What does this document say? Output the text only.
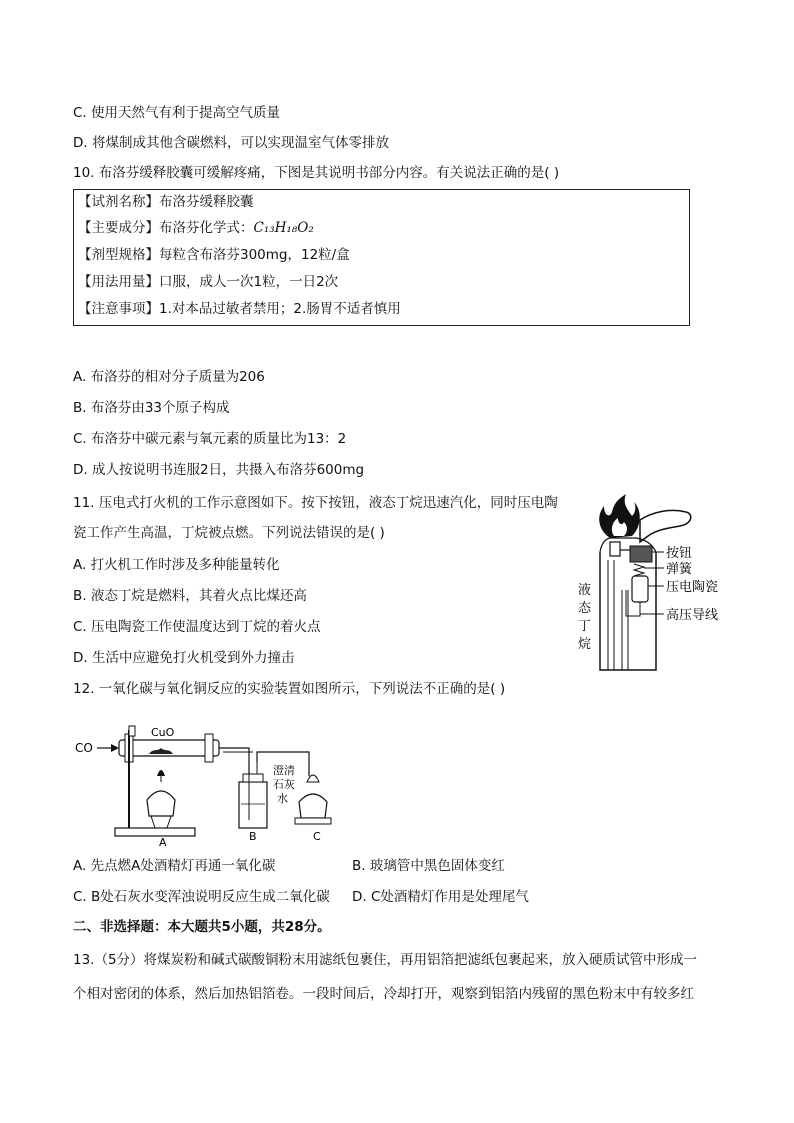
C. 使用天然气有利于提高空气质量
D. 将煤制成其他含碳燃料，可以实现温室气体零排放
10. 布洛芬缓释胶囊可缓解疼痛，下图是其说明书部分内容。有关说法正确的是( )
【试剂名称】布洛芬缓释胶囊
【主要成分】布洛芬化学式：C₁₃H₁₈O₂
【剂型规格】每粒含布洛芬300mg，12粒/盒
【用法用量】口服，成人一次1粒，一日2次
【注意事项】1.对本品过敏者禁用；2.肠胃不适者慎用
A. 布洛芬的相对分子质量为206
B. 布洛芬由33个原子构成
C. 布洛芬中碳元素与氧元素的质量比为13：2
D. 成人按说明书连服2日，共摄入布洛芬600mg
11. 压电式打火机的工作示意图如下。按下按钮，液态丁烷迅速汽化，同时压电陶
瓷工作产生高温，丁烷被点燃。下列说法错误的是( )
A. 打火机工作时涉及多种能量转化
B. 液态丁烷是燃料，其着火点比煤还高
C. 压电陶瓷工作使温度达到丁烷的着火点
D. 生活中应避免打火机受到外力撞击
按钮
弹簧
压电陶瓷
高压导线
液
态
丁
烷
12. 一氧化碳与氧化铜反应的实验装置如图所示，下列说法不正确的是( )
CO
CuO
澄清
石灰
水
A	B	C
A. 先点燃A处酒精灯再通一氧化碳	B. 玻璃管中黑色固体变红
C. B处石灰水变浑浊说明反应生成二氧化碳 D. C处酒精灯作用是处理尾气
二、非选择题：本大题共5小题，共28分。
13.（5分）将煤炭粉和碱式碳酸铜粉末用滤纸包裹住，再用铝箔把滤纸包裹起来，放入硬质试管中形成一
个相对密闭的体系，然后加热铝箔卷。一段时间后，冷却打开，观察到铝箔内残留的黑色粉末中有较多红
